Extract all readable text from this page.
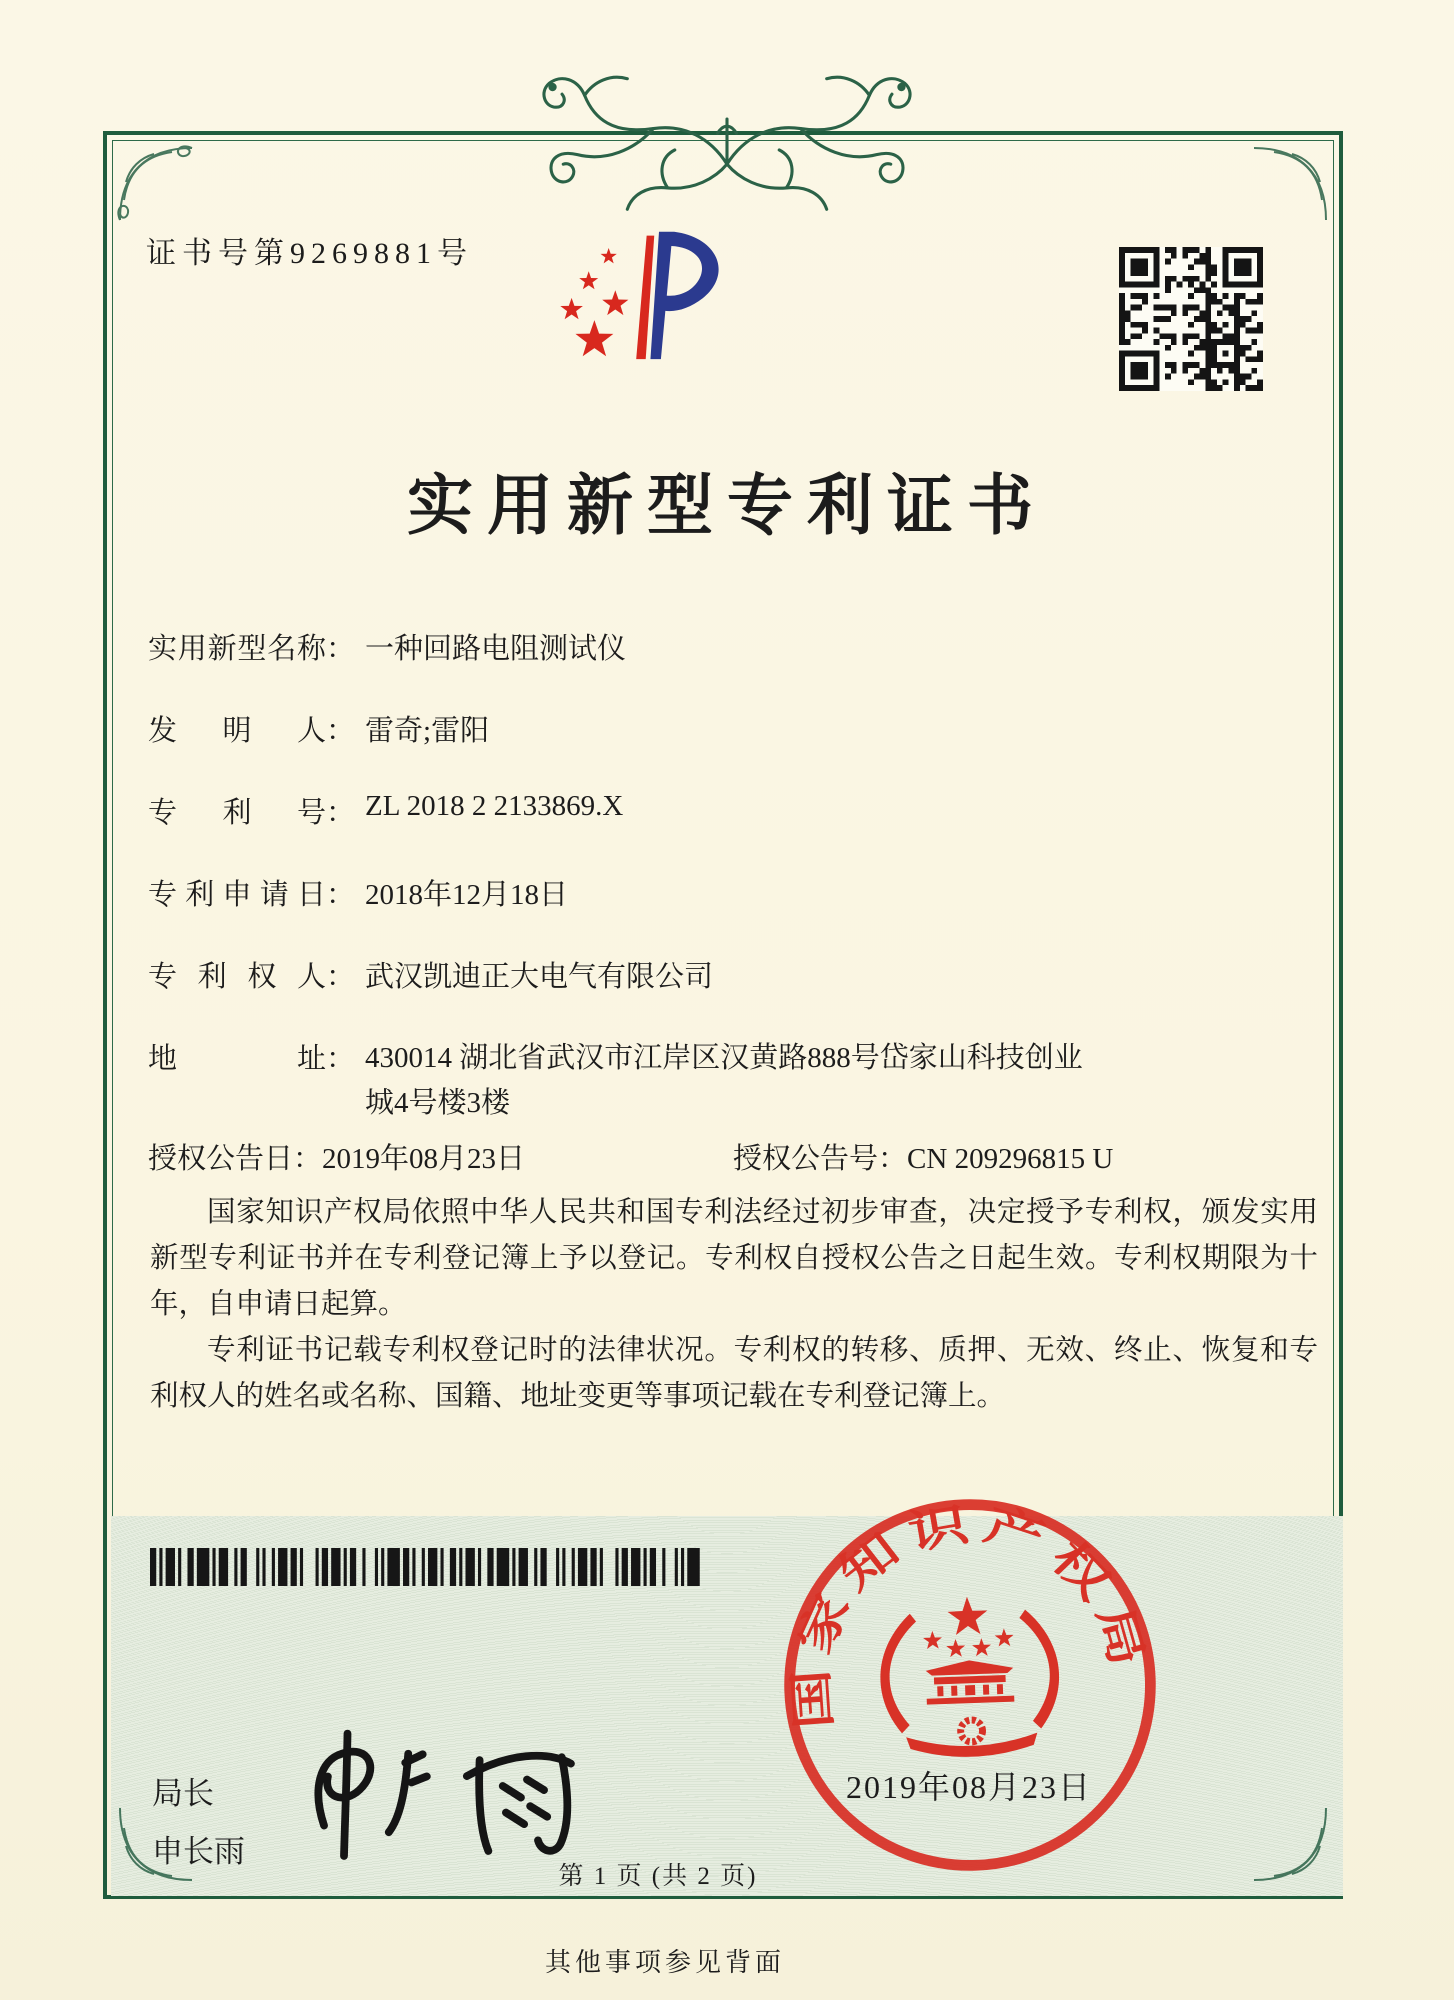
证书号第9269881号
实用新型专利证书
实用新型名称： 一种回路电阻测试仪
发明人： 雷奇;雷阳
专利号： ZL 2018 2 2133869.X
专利申请日： 2018年12月18日
专利权人： 武汉凯迪正大电气有限公司
地址： 430014 湖北省武汉市江岸区汉黄路888号岱家山科技创业城4号楼3楼
授权公告日：2019年08月23日	授权公告号：CN 209296815 U

国家知识产权局依照中华人民共和国专利法经过初步审查，决定授予专利权，颁发实用新型专利证书并在专利登记簿上予以登记。专利权自授权公告之日起生效。专利权期限为十年，自申请日起算。

专利证书记载专利权登记时的法律状况。专利权的转移、质押、无效、终止、恢复和专利权人的姓名或名称、国籍、地址变更等事项记载在专利登记簿上。

局长
申长雨
国家知识产权局
2019年08月23日
第 1 页 (共 2 页)
其他事项参见背面
